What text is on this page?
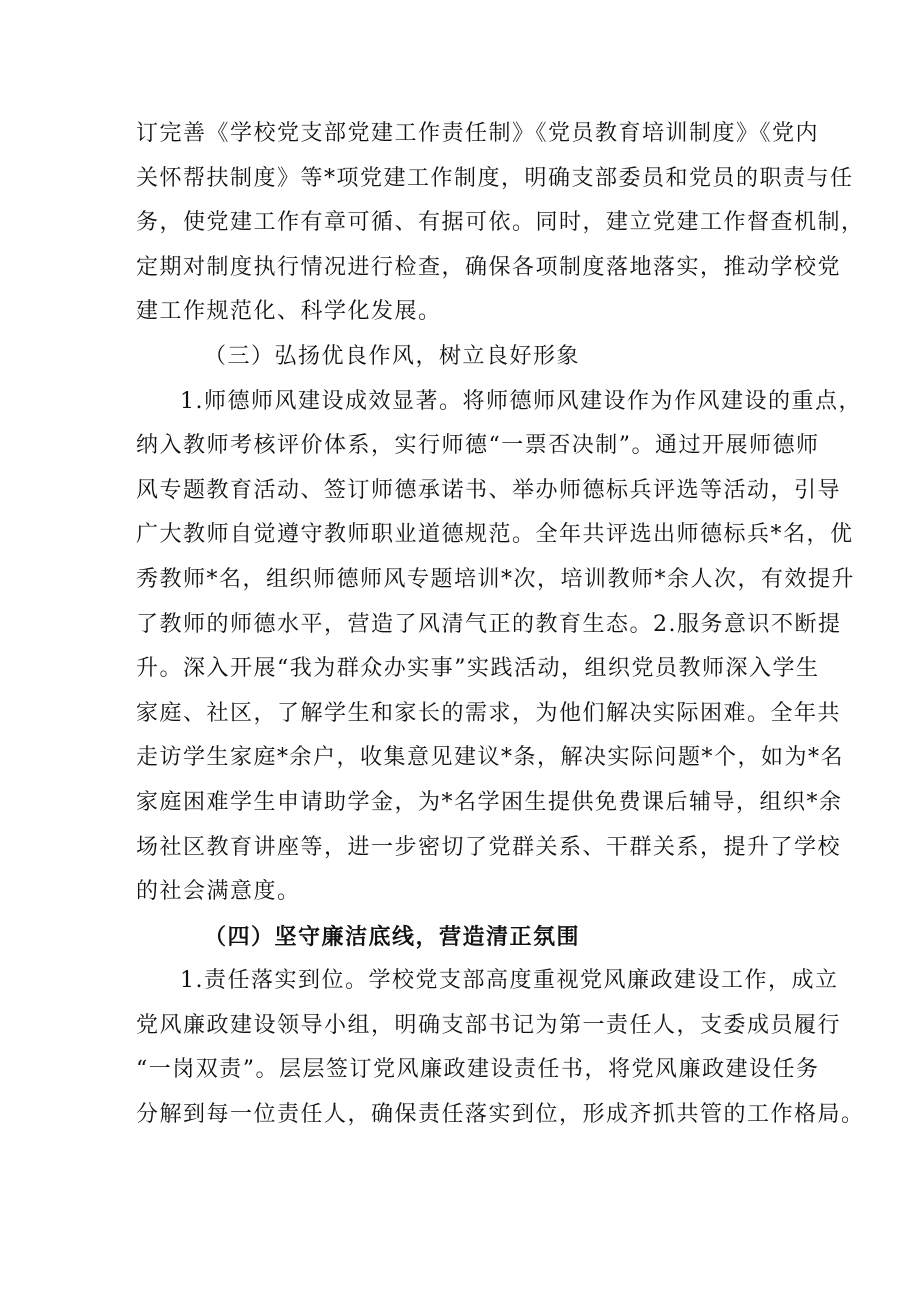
订完善《学校党支部党建工作责任制》《党员教育培训制度》《党内
关怀帮扶制度》等*项党建工作制度，明确支部委员和党员的职责与任
务，使党建工作有章可循、有据可依。同时，建立党建工作督查机制，
定期对制度执行情况进行检查，确保各项制度落地落实，推动学校党
建工作规范化、科学化发展。
（三）弘扬优良作风，树立良好形象
1.师德师风建设成效显著。将师德师风建设作为作风建设的重点，
纳入教师考核评价体系，实行师德“一票否决制”。通过开展师德师
风专题教育活动、签订师德承诺书、举办师德标兵评选等活动，引导
广大教师自觉遵守教师职业道德规范。全年共评选出师德标兵*名，优
秀教师*名，组织师德师风专题培训*次，培训教师*余人次，有效提升
了教师的师德水平，营造了风清气正的教育生态。2.服务意识不断提
升。深入开展“我为群众办实事”实践活动，组织党员教师深入学生
家庭、社区，了解学生和家长的需求，为他们解决实际困难。全年共
走访学生家庭*余户，收集意见建议*条，解决实际问题*个，如为*名
家庭困难学生申请助学金，为*名学困生提供免费课后辅导，组织*余
场社区教育讲座等，进一步密切了党群关系、干群关系，提升了学校
的社会满意度。
（四）坚守廉洁底线，营造清正氛围
1.责任落实到位。学校党支部高度重视党风廉政建设工作，成立
党风廉政建设领导小组，明确支部书记为第一责任人，支委成员履行
“一岗双责”。层层签订党风廉政建设责任书，将党风廉政建设任务
分解到每一位责任人，确保责任落实到位，形成齐抓共管的工作格局。
